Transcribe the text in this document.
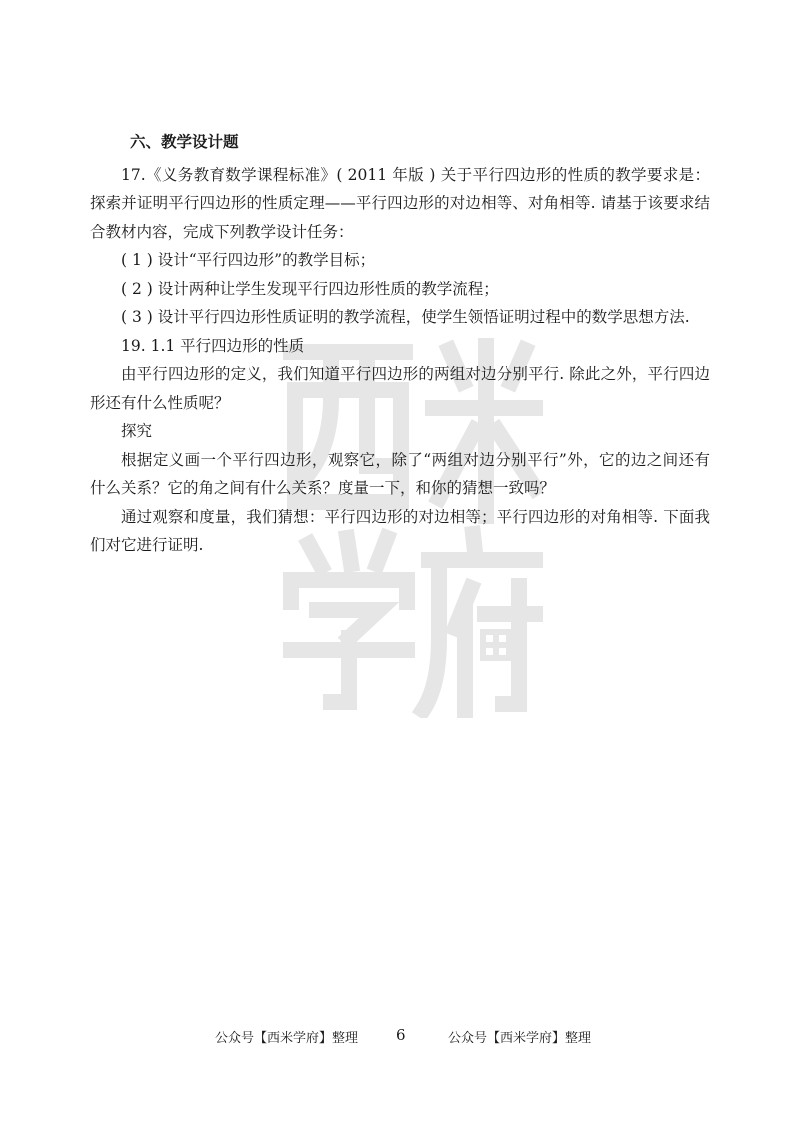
六、教学设计题

17.《义务教育数学课程标准》( 2011 年版 ) 关于平行四边形的性质的教学要求是：探索并证明平行四边形的性质定理——平行四边形的对边相等、对角相等. 请基于该要求结合教材内容，完成下列教学设计任务：

( 1 ) 设计“平行四边形”的教学目标；

( 2 ) 设计两种让学生发现平行四边形性质的教学流程；

( 3 ) 设计平行四边形性质证明的教学流程，使学生领悟证明过程中的数学思想方法.

19. 1.1 平行四边形的性质

由平行四边形的定义，我们知道平行四边形的两组对边分别平行. 除此之外，平行四边形还有什么性质呢？

探究

根据定义画一个平行四边形，观察它，除了“两组对边分别平行”外，它的边之间还有什么关系？它的角之间有什么关系？度量一下，和你的猜想一致吗？

通过观察和度量，我们猜想：平行四边形的对边相等；平行四边形的对角相等. 下面我们对它进行证明.

公众号【西米学府】整理	6	公众号【西米学府】整理
